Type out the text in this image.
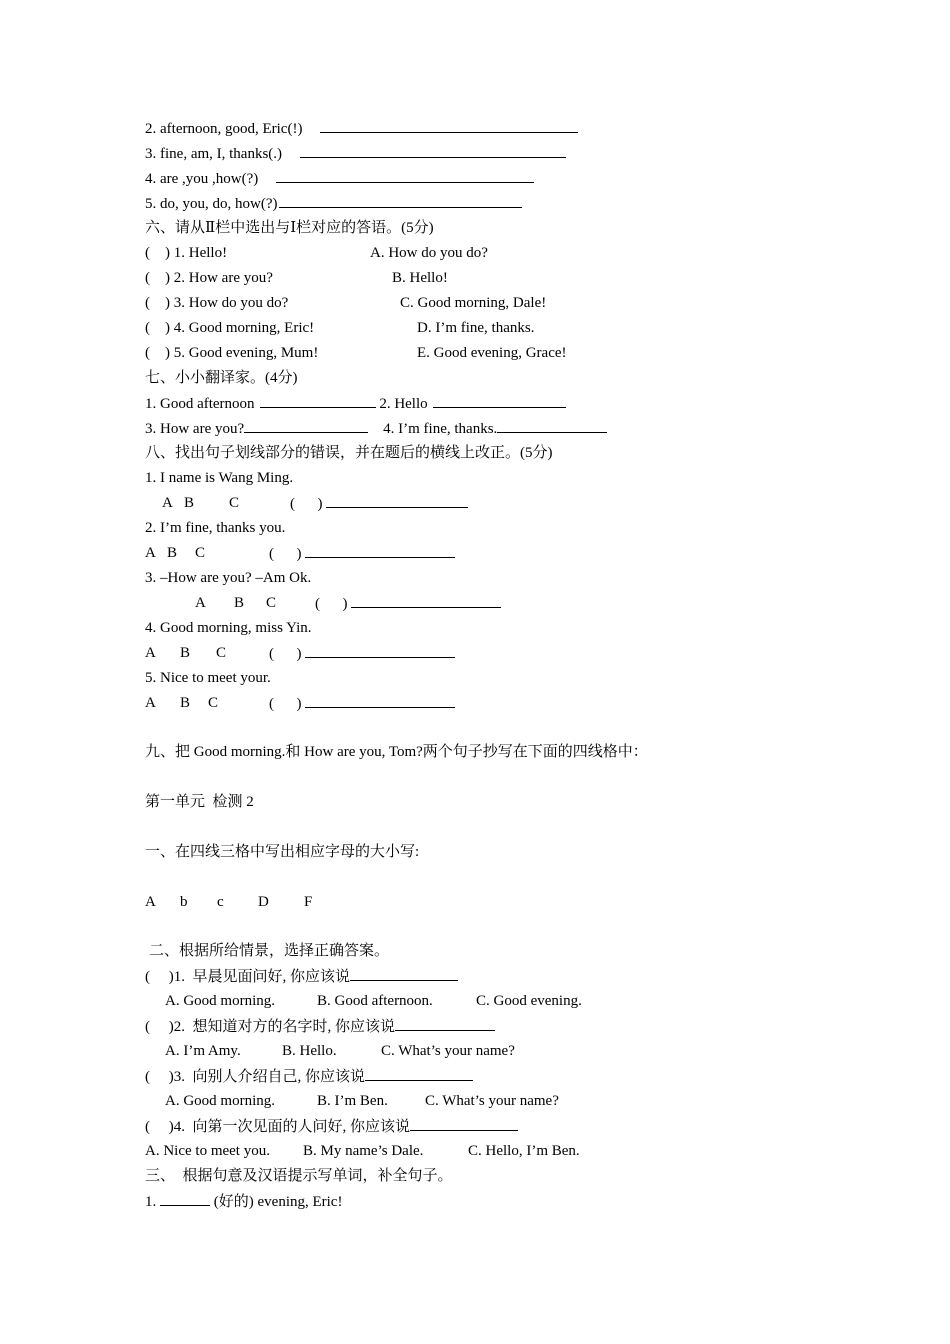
2. afternoon, good, Eric(!)
3. fine, am, I, thanks(.)
4. are ,you ,how(?)
5. do, you, do, how(?)
六、请从Ⅱ栏中选出与Ⅰ栏对应的答语。(5分)
(    ) 1. Hello!	A. How do you do?
(    ) 2. How are you?	B. Hello!
(    ) 3. How do you do?	C. Good morning, Dale!
(    ) 4. Good morning, Eric!	D. I’m fine, thanks.
(    ) 5. Good evening, Mum!	E. Good evening, Grace!
七、小小翻译家。(4分)
1. Good afternoon	2. Hello
3. How are you?	4. I’m fine, thanks.
八、找出句子划线部分的错误，并在题后的横线上改正。(5分)
1. I name is Wang Ming.
A B C	(      )
2. I’m fine, thanks you.
A B C	(      )
3. –How are you? –Am Ok.
A B C	(      )
4. Good morning, miss Yin.
A B C	(      )
5. Nice to meet your.
A B C	(      )
九、把 Good morning.和 How are you, Tom?两个句子抄写在下面的四线格中：
第一单元  检测 2
一、在四线三格中写出相应字母的大小写:
A b c D F
二、根据所给情景，选择正确答案。
(     )1.  早晨见面问好, 你应该说
A. Good morning.	B. Good afternoon.	C. Good evening.
(     )2.  想知道对方的名字时, 你应该说
A. I’m Amy.	B. Hello.	C. What’s your name?
(     )3.  向别人介绍自己, 你应该说
A. Good morning.	B. I’m Ben. C. What’s your name?
(     )4.  向第一次见面的人问好, 你应该说
A. Nice to meet you. B. My name’s Dale.	C. Hello, I’m Ben.
三、  根据句意及汉语提示写单词，补全句子。
1.	(好的) evening, Eric!
